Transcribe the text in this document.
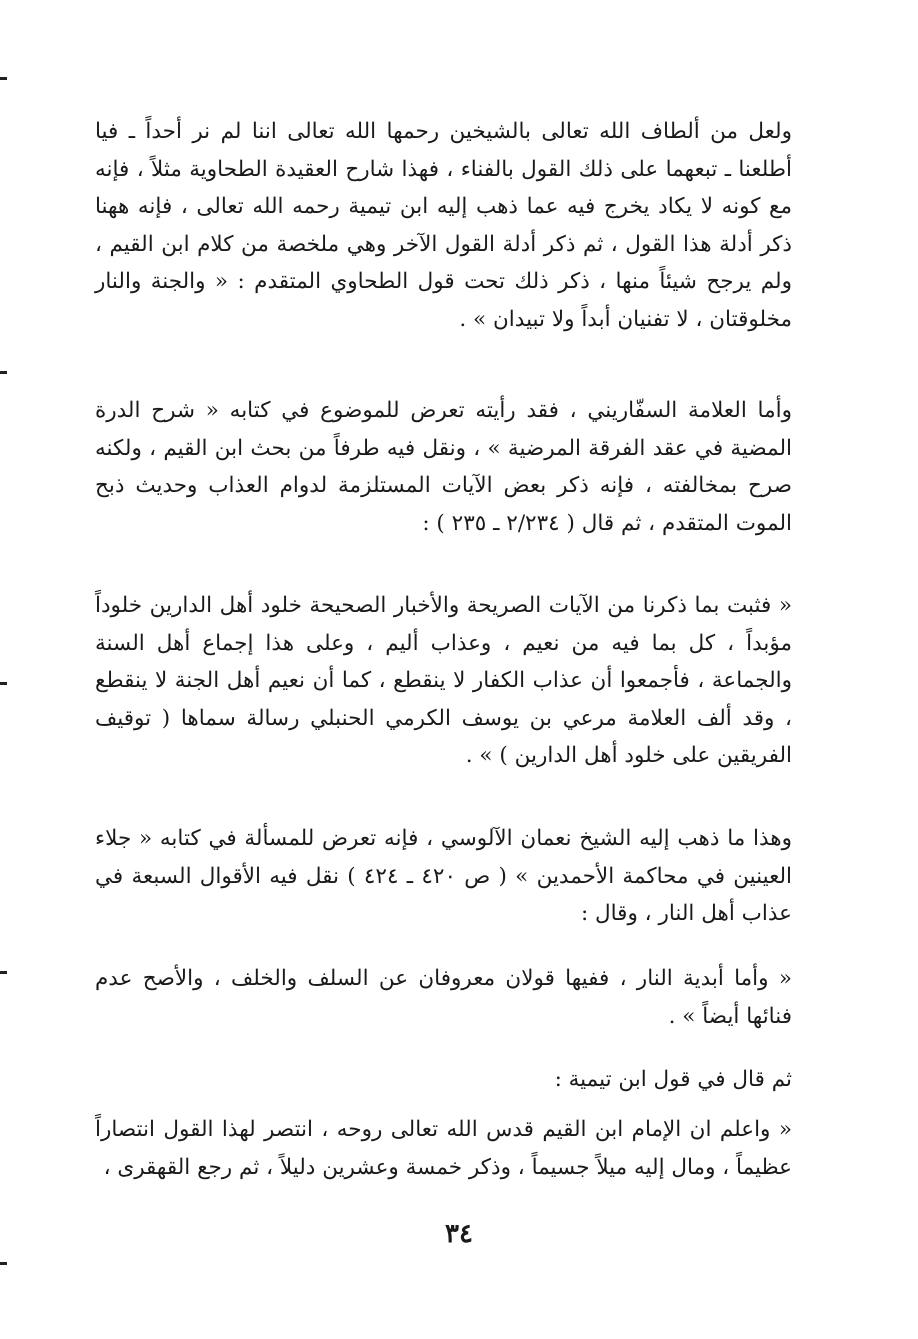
ولعل من ألطاف الله تعالى بالشيخين رحمها الله تعالى اننا لم نر أحداً ـ فيا أطلعنا ـ تبعهما على ذلك القول بالفناء ، فهذا شارح العقيدة الطحاوية مثلاً ، فإنه مع كونه لا يكاد يخرج فيه عما ذهب إليه ابن تيمية رحمه الله تعالى ، فإنه ههنا ذكر أدلة هذا القول ، ثم ذكر أدلة القول الآخر وهي ملخصة من كلام ابن القيم ، ولم يرجح شيئاً منها ، ذكر ذلك تحت قول الطحاوي المتقدم : « والجنة والنار مخلوقتان ، لا تفنيان أبداً ولا تبيدان » .

وأما العلامة السفّاريني ، فقد رأيته تعرض للموضوع في كتابه « شرح الدرة المضية في عقد الفرقة المرضية » ، ونقل فيه طرفاً من بحث ابن القيم ، ولكنه صرح بمخالفته ، فإنه ذكر بعض الآيات المستلزمة لدوام العذاب وحديث ذبح الموت المتقدم ، ثم قال ( ٢/٢٣٤ ـ ٢٣٥ ) :

« فثبت بما ذكرنا من الآيات الصريحة والأخبار الصحيحة خلود أهل الدارين خلوداً مؤبداً ، كل بما فيه من نعيم ، وعذاب أليم ، وعلى هذا إجماع أهل السنة والجماعة ، فأجمعوا أن عذاب الكفار لا ينقطع ، كما أن نعيم أهل الجنة لا ينقطع ، وقد ألف العلامة مرعي بن يوسف الكرمي الحنبلي رسالة سماها ( توقيف الفريقين على خلود أهل الدارين ) » .

وهذا ما ذهب إليه الشيخ نعمان الآلوسي ، فإنه تعرض للمسألة في كتابه « جلاء العينين في محاكمة الأحمدين » ( ص ٤٢٠ ـ ٤٢٤ ) نقل فيه الأقوال السبعة في عذاب أهل النار ، وقال :

« وأما أبدية النار ، ففيها قولان معروفان عن السلف والخلف ، والأصح عدم فنائها أيضاً » .

ثم قال في قول ابن تيمية :

« واعلم ان الإمام ابن القيم قدس الله تعالى روحه ، انتصر لهذا القول انتصاراً عظيماً ، ومال إليه ميلاً جسيماً ، وذكر خمسة وعشرين دليلاً ، ثم رجع القهقرى ،

٣٤
